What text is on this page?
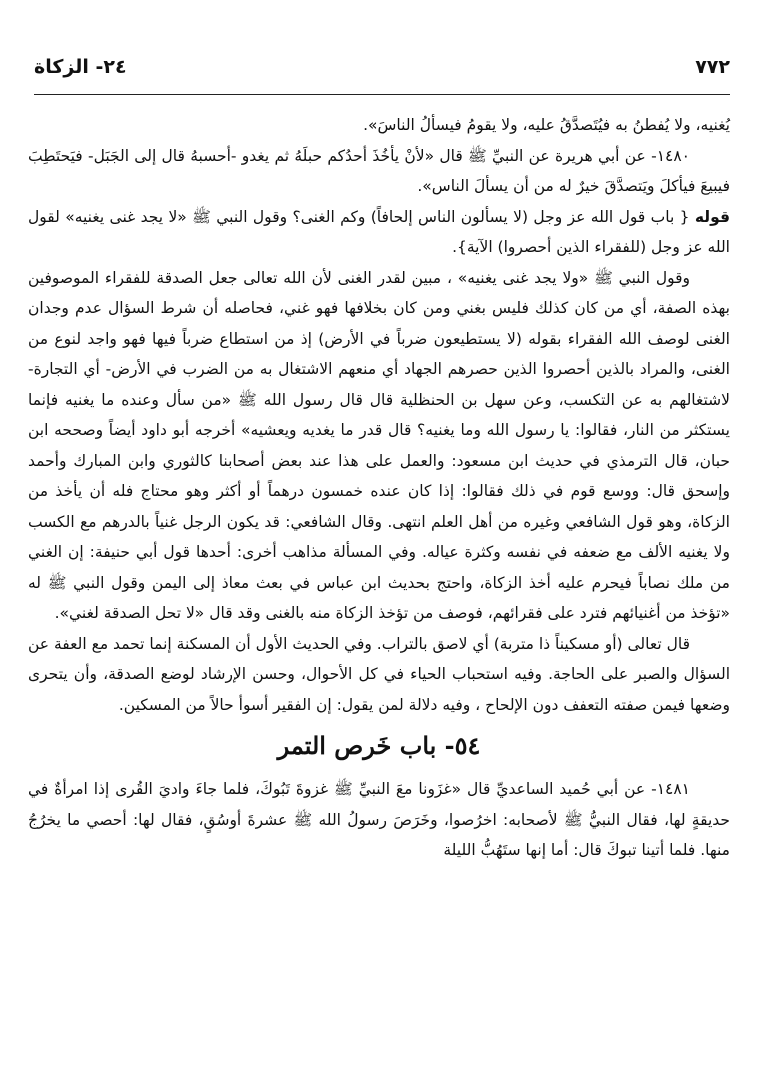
٢٤- الزكاة	٧٧٢

يُغنيه، ولا يُفطنُ به فيُتَصدَّقُ عليه، ولا يقومُ فيسألُ الناسَ».

١٤٨٠- عن أبي هريرة عن النبيِّ ﷺ قال «لأنْ يأخُذَ أحدُكم حبلَهُ ثم يغدو -أحسبهُ قال إلى الجَبَل- فيَحتَطِبَ فيبيعَ فيأكلَ ويَتصدَّقَ خيرٌ له من أن يسألَ الناس».

قوله { باب قول الله عز وجل (لا يسألون الناس إلحافاً) وكم الغنى؟ وقول النبي ﷺ «لا يجد غنى يغنيه» لقول الله عز وجل (للفقراء الذين أحصروا) الآية}.

وقول النبي ﷺ «ولا يجد غنى يغنيه» ، مبين لقدر الغنى لأن الله تعالى جعل الصدقة للفقراء الموصوفين بهذه الصفة، أي من كان كذلك فليس بغني ومن كان بخلافها فهو غني، فحاصله أن شرط السؤال عدم وجدان الغنى لوصف الله الفقراء بقوله (لا يستطيعون ضرباً في الأرض) إذ من استطاع ضرباً فيها فهو واجد لنوع من الغنى، والمراد بالذين أحصروا الذين حصرهم الجهاد أي منعهم الاشتغال به من الضرب في الأرض- أي التجارة- لاشتغالهم به عن التكسب، وعن سهل بن الحنظلية قال قال رسول الله ﷺ «من سأل وعنده ما يغنيه فإنما يستكثر من النار، فقالوا: يا رسول الله وما يغنيه؟ قال قدر ما يغديه ويعشيه» أخرجه أبو داود أيضاً وصححه ابن حبان، قال الترمذي في حديث ابن مسعود: والعمل على هذا عند بعض أصحابنا كالثوري وابن المبارك وأحمد وإسحق قال: ووسع قوم في ذلك فقالوا: إذا كان عنده خمسون درهماً أو أكثر وهو محتاج فله أن يأخذ من الزكاة، وهو قول الشافعي وغيره من أهل العلم انتهى. وقال الشافعي: قد يكون الرجل غنياً بالدرهم مع الكسب ولا يغنيه الألف مع ضعفه في نفسه وكثرة عياله. وفي المسألة مذاهب أخرى: أحدها قول أبي حنيفة: إن الغني من ملك نصاباً فيحرم عليه أخذ الزكاة، واحتج بحديث ابن عباس في بعث معاذ إلى اليمن وقول النبي ﷺ له «تؤخذ من أغنيائهم فترد على فقرائهم، فوصف من تؤخذ الزكاة منه بالغنى وقد قال «لا تحل الصدقة لغني».

قال تعالى (أو مسكيناً ذا متربة) أي لاصق بالتراب. وفي الحديث الأول أن المسكنة إنما تحمد مع العفة عن السؤال والصبر على الحاجة. وفيه استحباب الحياء في كل الأحوال، وحسن الإرشاد لوضع الصدقة، وأن يتحرى وضعها فيمن صفته التعفف دون الإلحاح ، وفيه دلالة لمن يقول: إن الفقير أسوأ حالاً من المسكين.

٥٤- باب خَرص التمر

١٤٨١- عن أبي حُميد الساعديِّ قال «غزَونا معَ النبيِّ ﷺ غزوةَ تَبُوكَ، فلما جاءَ واديَ القُرى إذا امرأةٌ في حديقةٍ لها، فقال النبيُّ ﷺ لأصحابه: اخرُصوا، وخَرَصَ رسولُ الله ﷺ عشرةَ أوسُقٍ، فقال لها: أحصي ما يخرُجُ منها. فلما أتينا تبوكَ قال: أما إنها ستَهُبُّ الليلة
